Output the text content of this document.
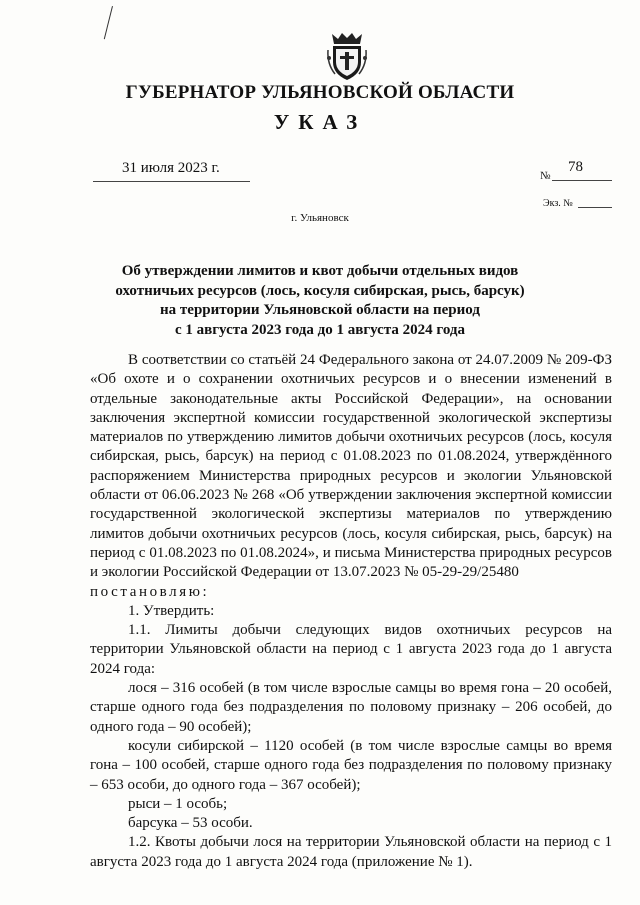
ГУБЕРНАТОР УЛЬЯНОВСКОЙ ОБЛАСТИ
УКАЗ
31 июля 2023 г.	№
78
Экз. №
г. Ульяновск
Об утверждении лимитов и квот добычи отдельных видов
охотничьих ресурсов (лось, косуля сибирская, рысь, барсук)
на территории Ульяновской области на период
с 1 августа 2023 года до 1 августа 2024 года

В соответствии со статьёй 24 Федерального закона от 24.07.2009 № 209-ФЗ «Об охоте и о сохранении охотничьих ресурсов и о внесении изменений в отдельные законодательные акты Российской Федерации», на основании заключения экспертной комиссии государственной экологической экспертизы материалов по утверждению лимитов добычи охотничьих ресурсов (лось, косуля сибирская, рысь, барсук) на период с 01.08.2023 по 01.08.2024, утверждённого распоряжением Министерства природных ресурсов и экологии Ульяновской области от 06.06.2023 № 268 «Об утверждении заключения экспертной комиссии государственной экологической экспертизы материалов по утверждению лимитов добычи охотничьих ресурсов (лось, косуля сибирская, рысь, барсук) на период с 01.08.2023 по 01.08.2024», и письма Министерства природных ресурсов и экологии Российской Федерации от 13.07.2023 № 05-29-29/25480

постановляю:

1. Утвердить:

1.1. Лимиты добычи следующих видов охотничьих ресурсов на территории Ульяновской области на период с 1 августа 2023 года до 1 августа 2024 года:

лося – 316 особей (в том числе взрослые самцы во время гона – 20 особей, старше одного года без подразделения по половому признаку – 206 особей, до одного года – 90 особей);

косули сибирской – 1120 особей (в том числе взрослые самцы во время гона – 100 особей, старше одного года без подразделения по половому признаку – 653 особи, до одного года – 367 особей);

рыси – 1 особь;

барсука – 53 особи.

1.2. Квоты добычи лося на территории Ульяновской области на период с 1 августа 2023 года до 1 августа 2024 года (приложение № 1).
